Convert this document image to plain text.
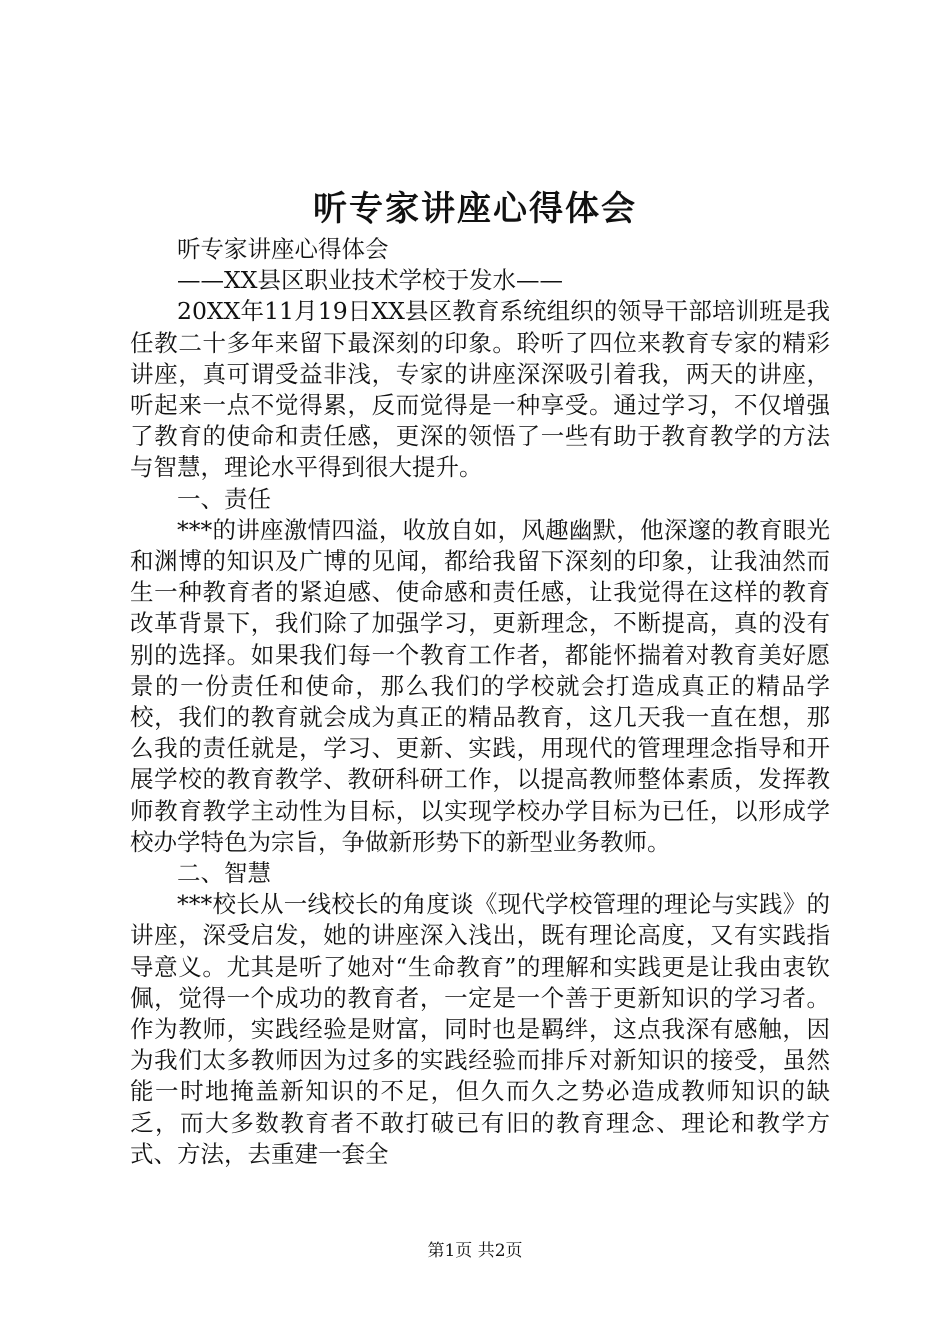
听专家讲座心得体会

听专家讲座心得体会

——XX县区职业技术学校于发水——

20XX年11月19日XX县区教育系统组织的领导干部培训班是我任教二十多年来留下最深刻的印象。聆听了四位来教育专家的精彩讲座，真可谓受益非浅，专家的讲座深深吸引着我，两天的讲座，听起来一点不觉得累，反而觉得是一种享受。通过学习，不仅增强了教育的使命和责任感，更深的领悟了一些有助于教育教学的方法与智慧，理论水平得到很大提升。

一、责任

***的讲座激情四溢，收放自如，风趣幽默，他深邃的教育眼光和渊博的知识及广博的见闻，都给我留下深刻的印象，让我油然而生一种教育者的紧迫感、使命感和责任感，让我觉得在这样的教育改革背景下，我们除了加强学习，更新理念，不断提高，真的没有别的选择。如果我们每一个教育工作者，都能怀揣着对教育美好愿景的一份责任和使命，那么我们的学校就会打造成真正的精品学校，我们的教育就会成为真正的精品教育，这几天我一直在想，那么我的责任就是，学习、更新、实践，用现代的管理理念指导和开展学校的教育教学、教研科研工作，以提高教师整体素质，发挥教师教育教学主动性为目标，以实现学校办学目标为已任，以形成学校办学特色为宗旨，争做新形势下的新型业务教师。

二、智慧

***校长从一线校长的角度谈《现代学校管理的理论与实践》的讲座，深受启发，她的讲座深入浅出，既有理论高度，又有实践指导意义。尤其是听了她对“生命教育”的理解和实践更是让我由衷钦佩，觉得一个成功的教育者，一定是一个善于更新知识的学习者。作为教师，实践经验是财富，同时也是羁绊，这点我深有感触，因为我们太多教师因为过多的实践经验而排斥对新知识的接受，虽然能一时地掩盖新知识的不足，但久而久之势必造成教师知识的缺乏，而大多数教育者不敢打破已有旧的教育理念、理论和教学方式、方法，去重建一套全

第1页 共2页
